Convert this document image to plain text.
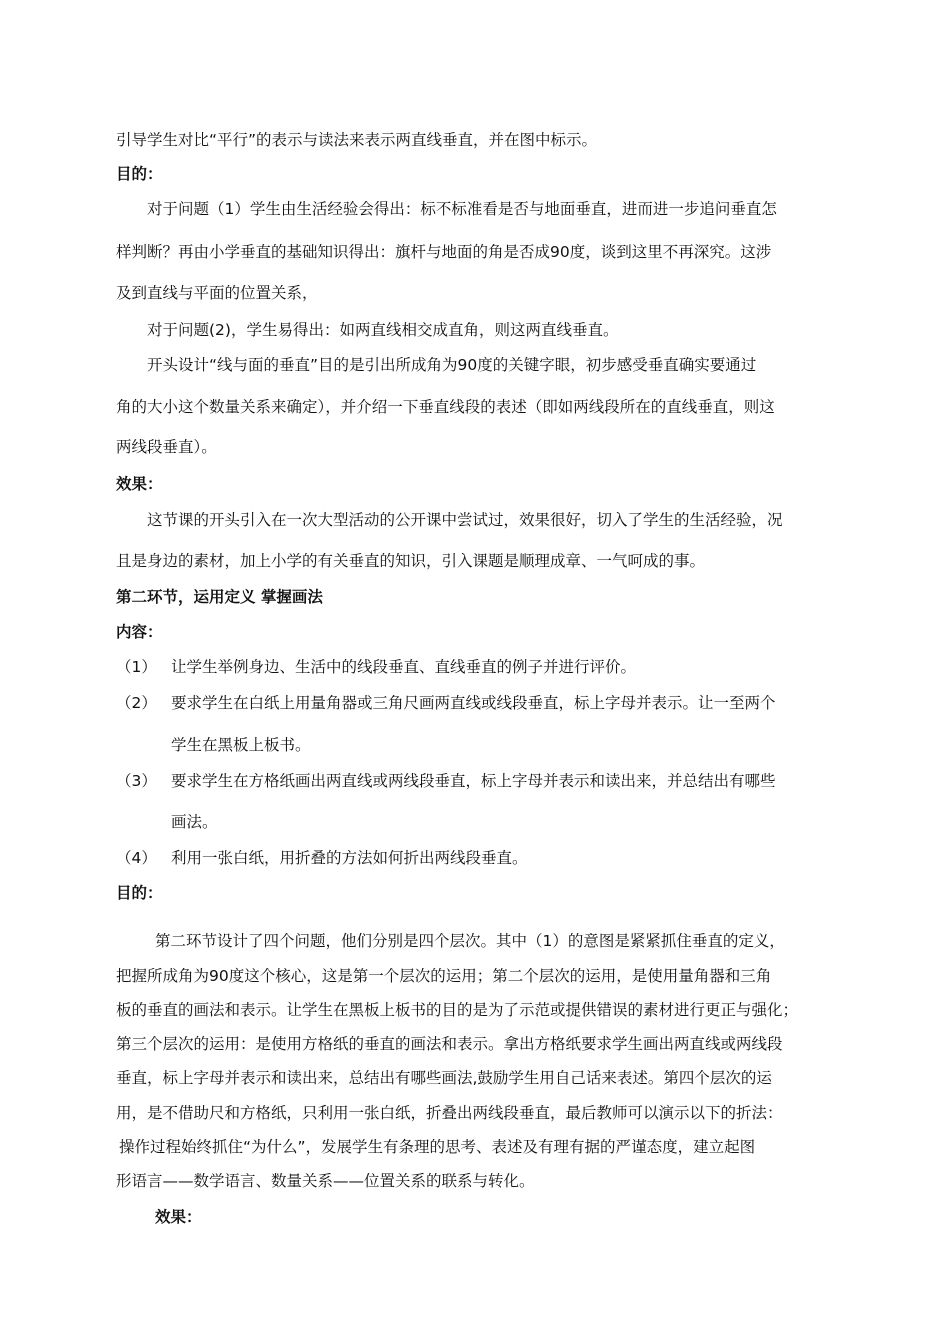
引导学生对比“平行”的表示与读法来表示两直线垂直，并在图中标示。
目的：
对于问题（1）学生由生活经验会得出：标不标准看是否与地面垂直，进而进一步追问垂直怎
样判断？再由小学垂直的基础知识得出：旗杆与地面的角是否成90度，谈到这里不再深究。这涉
及到直线与平面的位置关系，
对于问题(2)，学生易得出：如两直线相交成直角，则这两直线垂直。
开头设计“线与面的垂直”目的是引出所成角为90度的关键字眼，初步感受垂直确实要通过
角的大小这个数量关系来确定），并介绍一下垂直线段的表述（即如两线段所在的直线垂直，则这
两线段垂直）。
效果：
这节课的开头引入在一次大型活动的公开课中尝试过，效果很好，切入了学生的生活经验，况
且是身边的素材，加上小学的有关垂直的知识，引入课题是顺理成章、一气呵成的事。
第二环节，运用定义 掌握画法
内容：
（1） 让学生举例身边、生活中的线段垂直、直线垂直的例子并进行评价。
（2） 要求学生在白纸上用量角器或三角尺画两直线或线段垂直，标上字母并表示。让一至两个
学生在黑板上板书。
（3） 要求学生在方格纸画出两直线或两线段垂直，标上字母并表示和读出来，并总结出有哪些
画法。
（4） 利用一张白纸，用折叠的方法如何折出两线段垂直。
目的：
第二环节设计了四个问题，他们分别是四个层次。其中（1）的意图是紧紧抓住垂直的定义，
把握所成角为90度这个核心，这是第一个层次的运用；第二个层次的运用，是使用量角器和三角
板的垂直的画法和表示。让学生在黑板上板书的目的是为了示范或提供错误的素材进行更正与强化；
第三个层次的运用：是使用方格纸的垂直的画法和表示。拿出方格纸要求学生画出两直线或两线段
垂直，标上字母并表示和读出来，总结出有哪些画法,鼓励学生用自己话来表述。第四个层次的运
用，是不借助尺和方格纸，只利用一张白纸，折叠出两线段垂直，最后教师可以演示以下的折法：
操作过程始终抓住“为什么”，发展学生有条理的思考、表述及有理有据的严谨态度，建立起图
形语言——数学语言、数量关系——位置关系的联系与转化。
效果：
